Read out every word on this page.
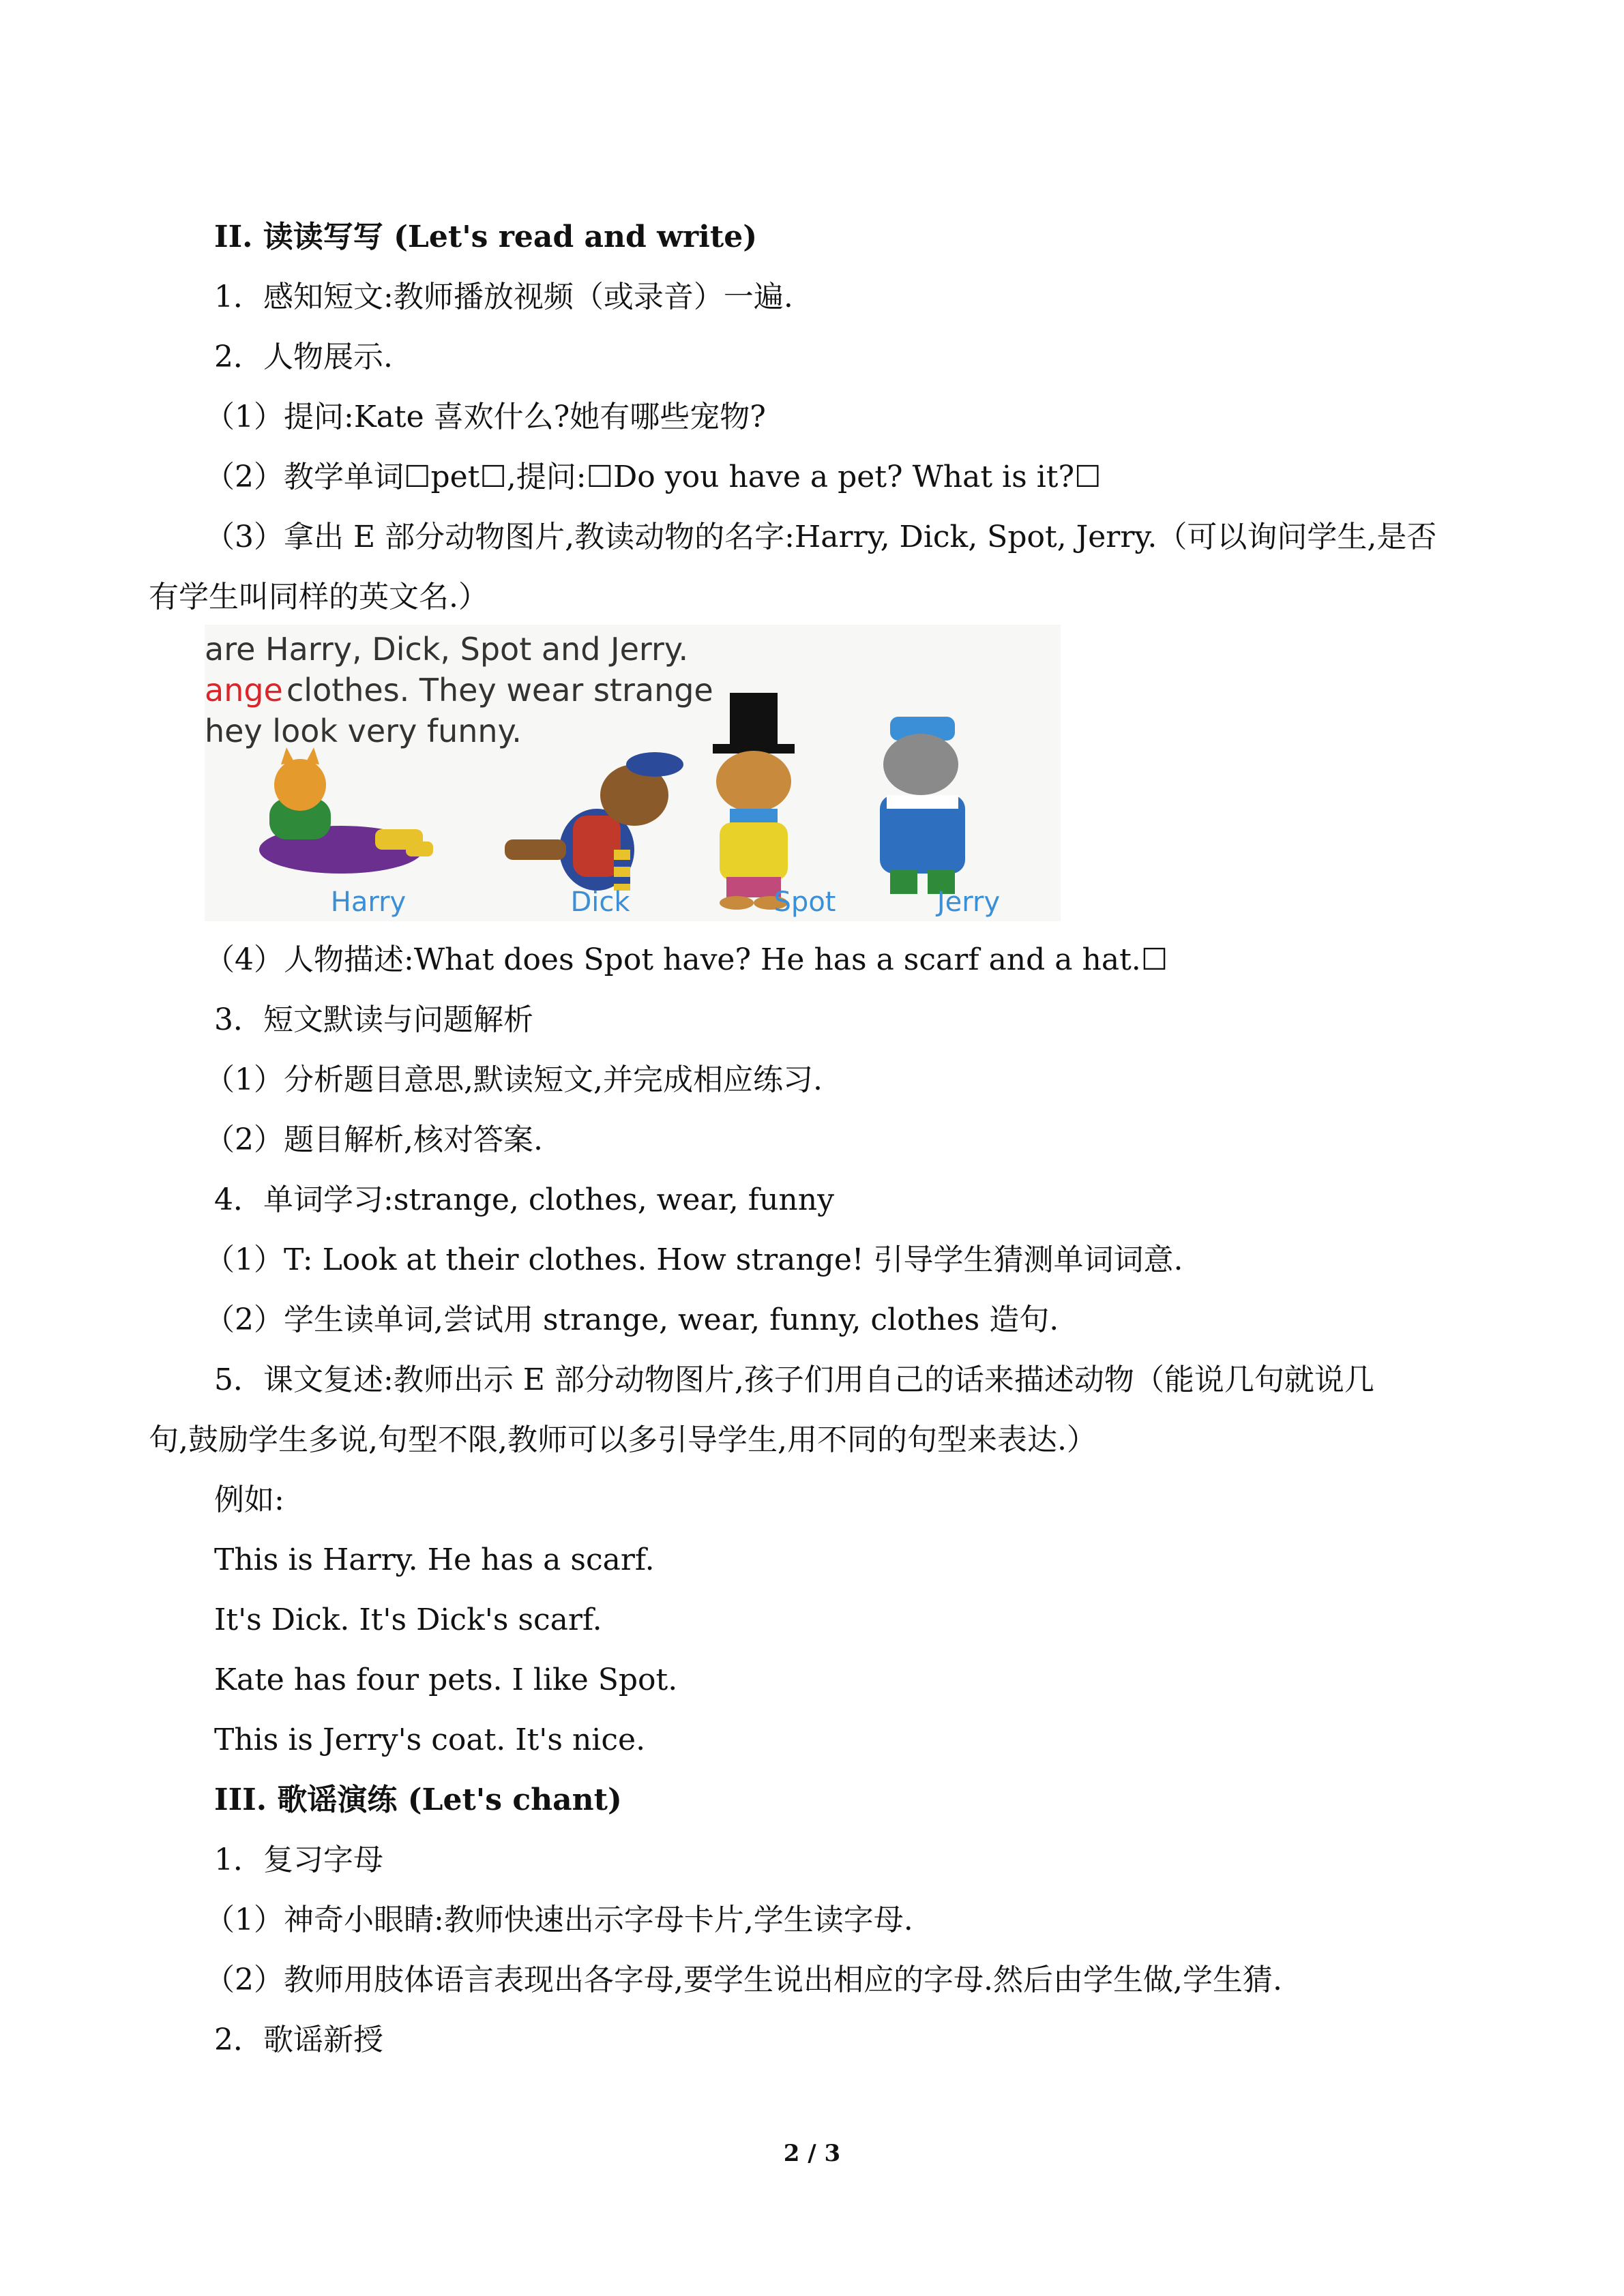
II. 读读写写 (Let's read and write)
1．感知短文:教师播放视频（或录音）一遍.
2．人物展示.
（1）提问:Kate 喜欢什么?她有哪些宠物?
（2）教学单词☐pet☐,提问:☐Do you have a pet? What is it?☐
（3）拿出 E 部分动物图片,教读动物的名字:Harry, Dick, Spot, Jerry.（可以询问学生,是否
有学生叫同样的英文名.）
are Harry, Dick, Spot and Jerry.
ange clothes. They wear strange
hey look very funny.
Harry	Dick	Spot	Jerry
（4）人物描述:What does Spot have? He has a scarf and a hat.☐
3．短文默读与问题解析
（1）分析题目意思,默读短文,并完成相应练习.
（2）题目解析,核对答案.
4．单词学习:strange, clothes, wear, funny
（1）T: Look at their clothes. How strange! 引导学生猜测单词词意.
（2）学生读单词,尝试用 strange, wear, funny, clothes 造句.
5．课文复述:教师出示 E 部分动物图片,孩子们用自己的话来描述动物（能说几句就说几
句,鼓励学生多说,句型不限,教师可以多引导学生,用不同的句型来表达.）
例如:
This is Harry. He has a scarf.
It's Dick. It's Dick's scarf.
Kate has four pets. I like Spot.
This is Jerry's coat. It's nice.
III. 歌谣演练 (Let's chant)
1．复习字母
（1）神奇小眼睛:教师快速出示字母卡片,学生读字母.
（2）教师用肢体语言表现出各字母,要学生说出相应的字母.然后由学生做,学生猜.
2．歌谣新授
2 / 3
